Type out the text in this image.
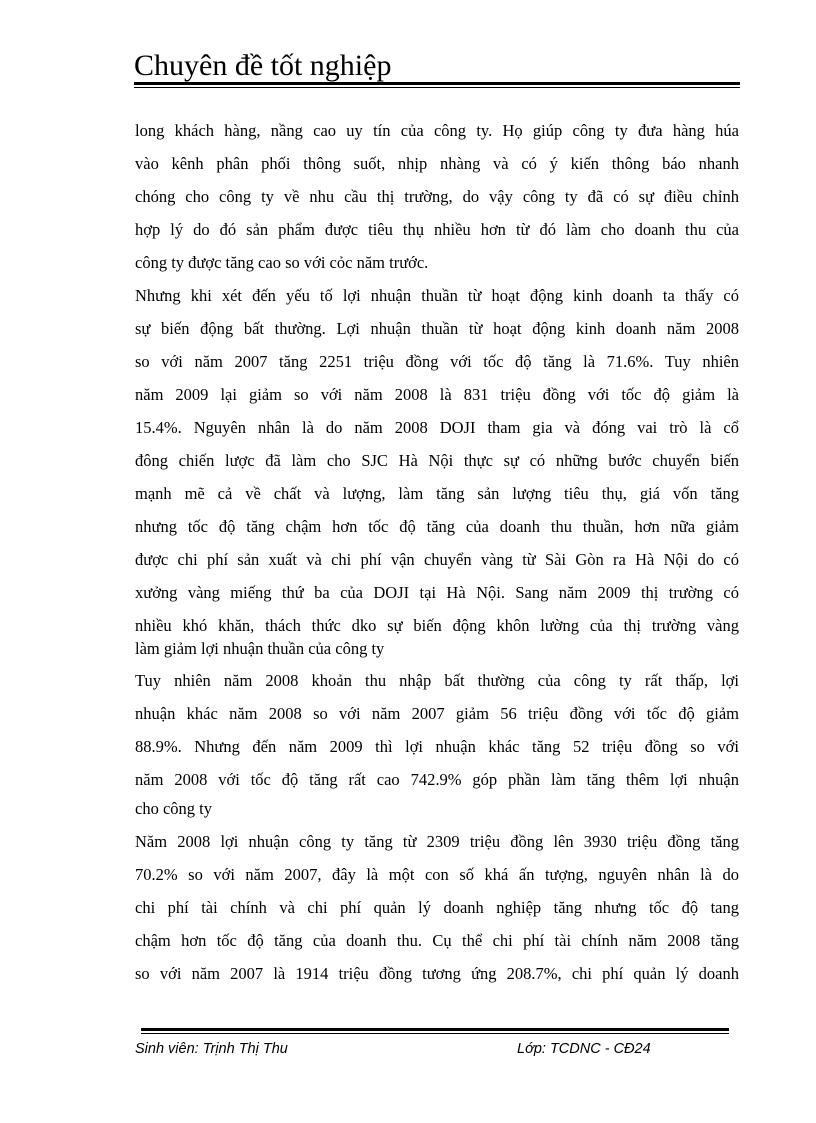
Chuyên đề tốt nghiệp
long khách hàng, nầng cao uy tín của công ty. Họ giúp công ty đưa hàng húa
vào kênh phân phối thông suốt, nhịp nhàng và có ý kiến thông báo nhanh
chóng cho công ty về nhu cầu thị trường, do vậy công ty đã có sự điều chỉnh
hợp lý do đó sản phẩm được tiêu thụ nhiều hơn từ đó làm cho doanh thu của
công ty được tăng cao so với cỏc năm trước.
Nhưng khi xét đến yếu tố lợi nhuận thuần từ hoạt động kinh doanh ta thấy có
sự biến động bất thường. Lợi nhuận thuần từ hoạt động kinh doanh năm 2008
so với năm 2007 tăng 2251 triệu đồng với tốc độ tăng là 71.6%. Tuy nhiên
năm 2009 lại giảm so với năm 2008 là 831 triệu đồng với tốc độ giảm là
15.4%. Nguyên nhân là do năm 2008 DOJI tham gia và đóng vai trò là cổ
đông chiến lược đã làm cho SJC Hà Nội thực sự có những bước chuyển biến
mạnh mẽ cả về chất và lượng, làm tăng sản lượng tiêu thụ, giá vốn tăng
nhưng tốc độ tăng chậm hơn tốc độ tăng của doanh thu thuần, hơn nữa giảm
được chi phí sản xuất và chi phí vận chuyển vàng từ Sài Gòn ra Hà Nội do có
xưởng vàng miếng thứ ba của DOJI tại Hà Nội. Sang năm 2009 thị trường có
nhiều khó khăn, thách thức dko sự biến động khôn lường của thị trường vàng
làm giảm lợi nhuận thuần của công ty
Tuy nhiên năm 2008 khoản thu nhập bất thường của công ty rất thấp, lợi
nhuận khác năm 2008 so với năm 2007 giảm 56 triệu đồng với tốc độ giảm
88.9%. Nhưng đến năm 2009 thì lợi nhuận khác tăng 52 triệu đồng so với
năm 2008 với tốc độ tăng rất cao 742.9% góp phần làm tăng thêm lợi nhuận
cho công ty
Năm 2008 lợi nhuận công ty tăng từ 2309 triệu đồng lên 3930 triệu đồng tăng
70.2% so với năm 2007, đây là một con số khá ấn tượng, nguyên nhân là do
chi phí tài chính và chi phí quản lý doanh nghiệp tăng nhưng tốc độ tang
chậm hơn tốc độ tăng của doanh thu. Cụ thể chi phí tài chính năm 2008 tăng
so với năm 2007 là 1914 triệu đồng tương ứng 208.7%, chi phí quản lý doanh
Sinh viên: Trịnh Thị Thu	Lớp: TCDNC - CĐ24
